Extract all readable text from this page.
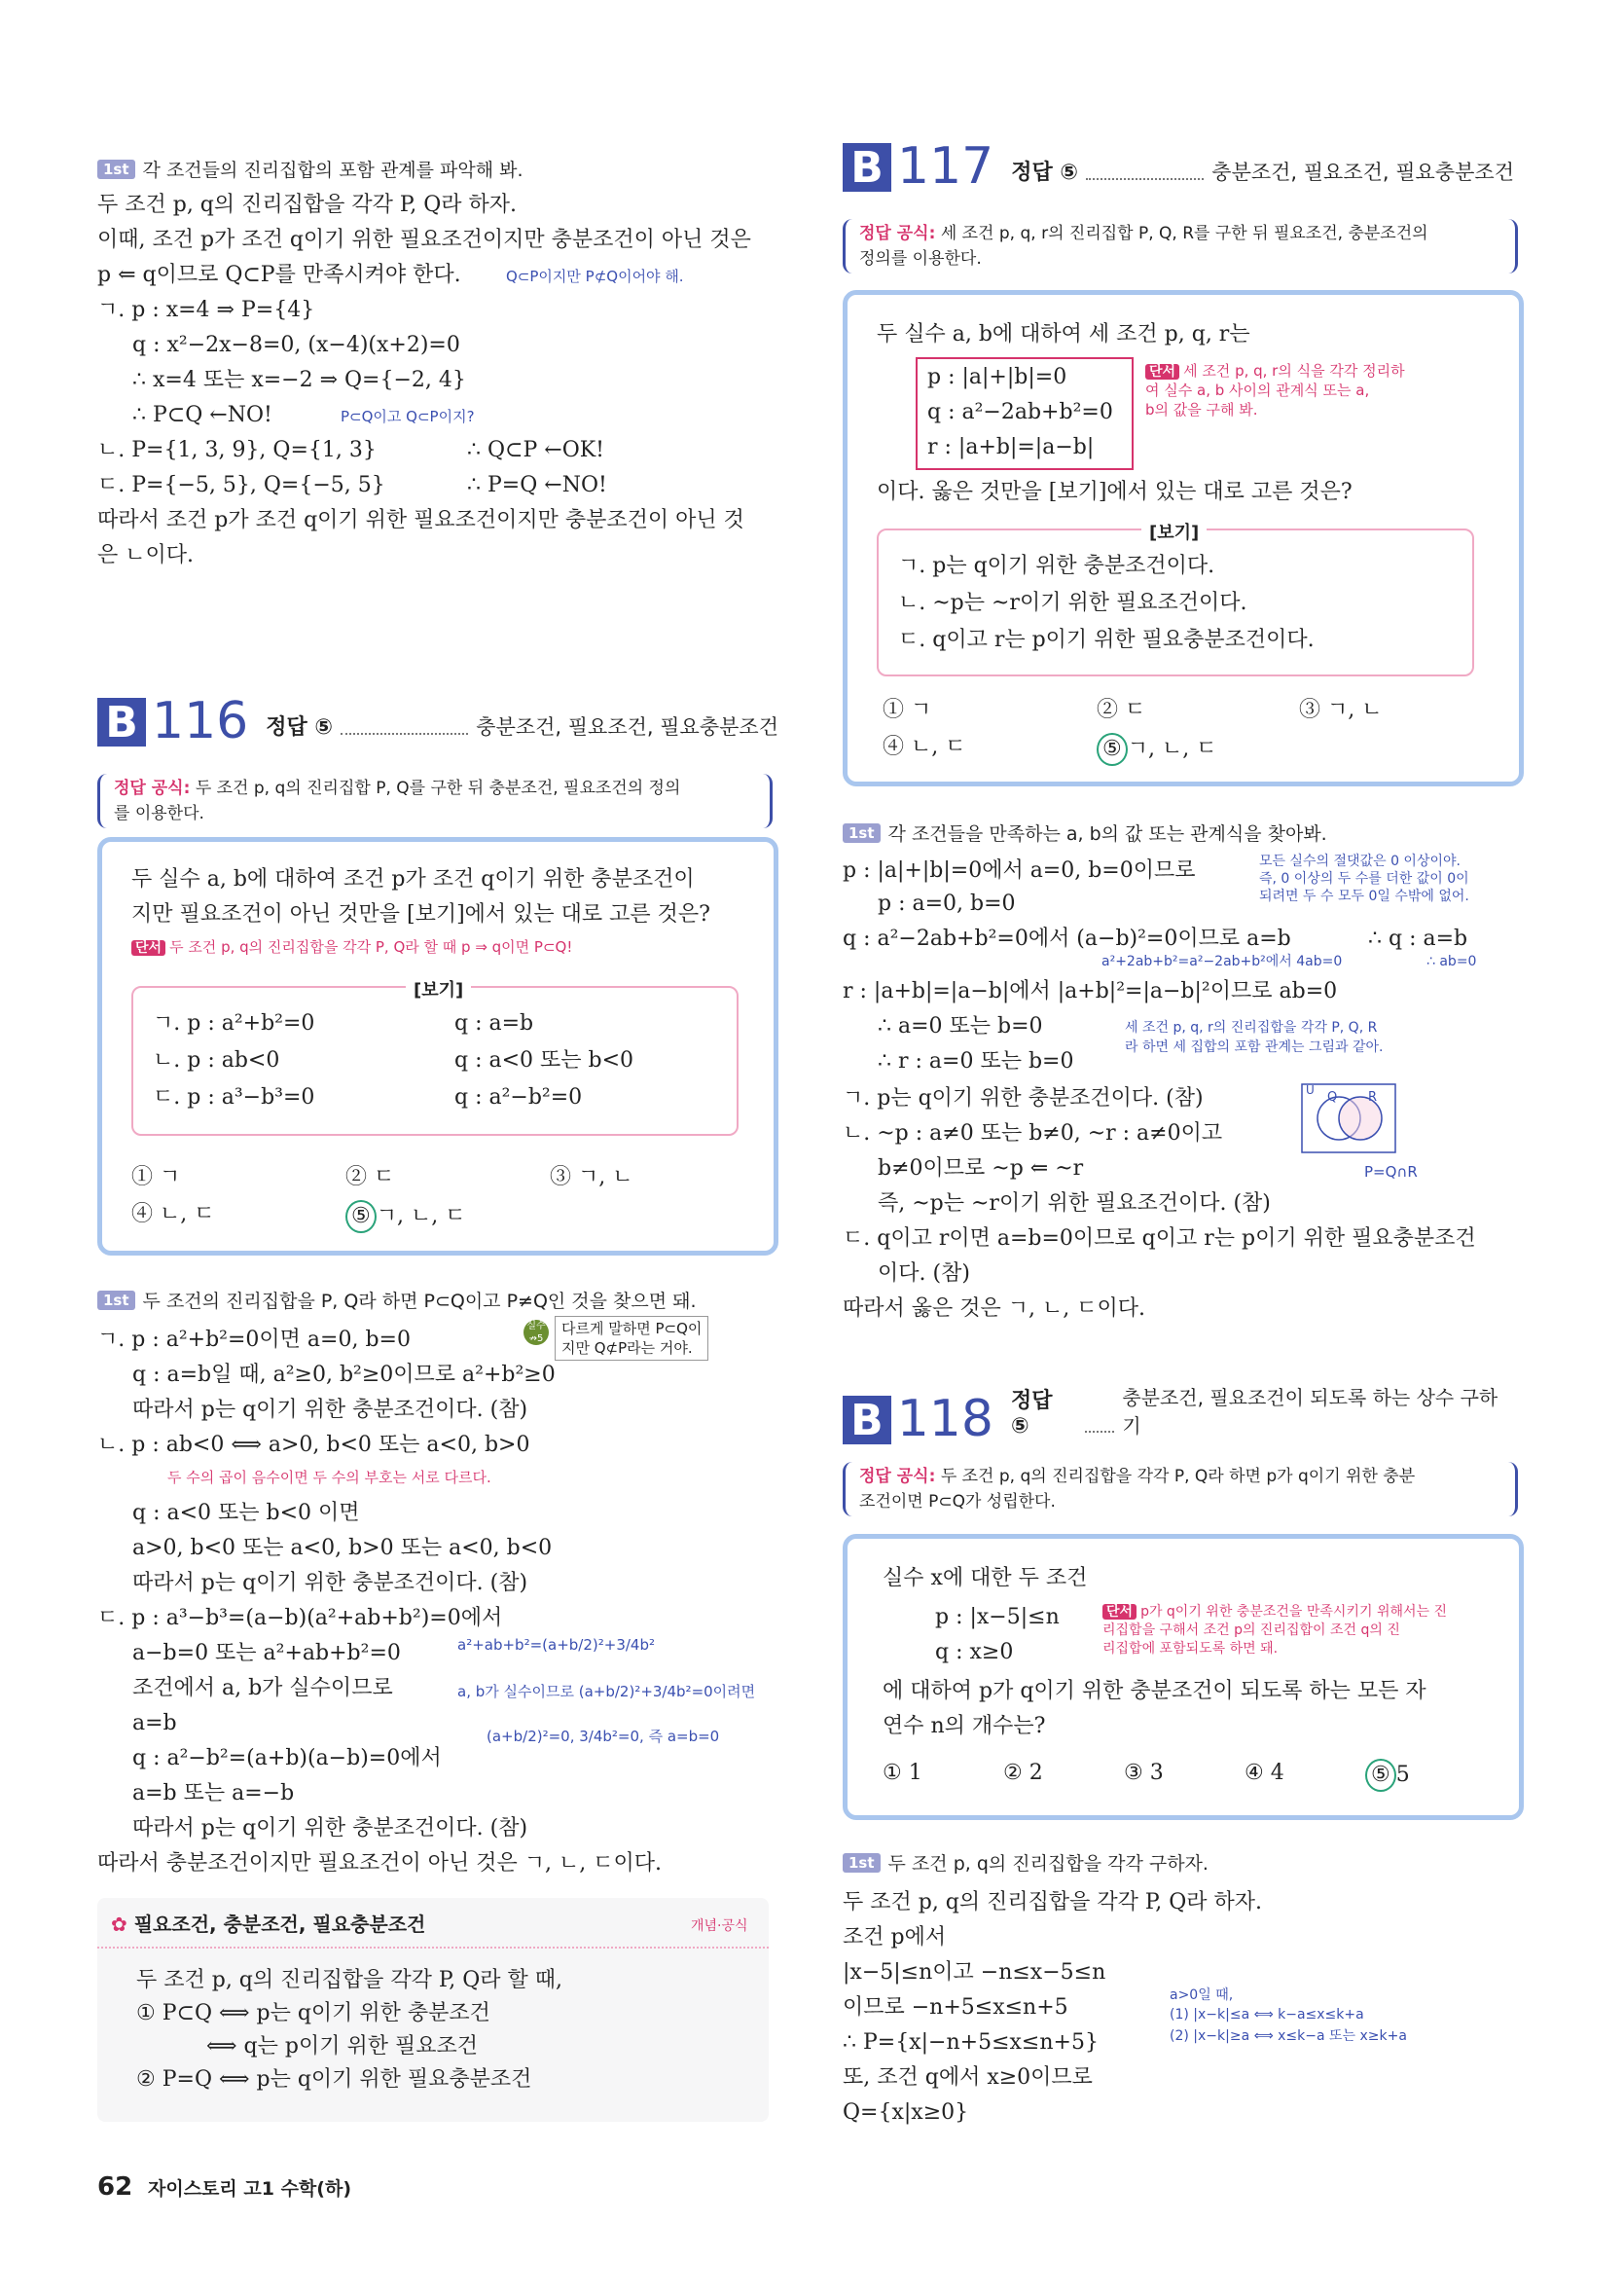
1st 각 조건들의 진리집합의 포함 관계를 파악해 봐.
두 조건 p, q의 진리집합을 각각 P, Q라 하자.
이때, 조건 p가 조건 q이기 위한 필요조건이지만 충분조건이 아닌 것은
p ⇐ q이므로 Q⊂P를 만족시켜야 한다.	Q⊂P이지만 P⊄Q이어야 해.
ㄱ. p : x=4 ⇒ P={4}
q : x²−2x−8=0, (x−4)(x+2)=0
∴ x=4 또는 x=−2 ⇒ Q={−2, 4}
∴ P⊂Q ←NO!	P⊂Q이고 Q⊂P이지?
ㄴ. P={1, 3, 9}, Q={1, 3}	∴ Q⊂P ←OK!
ㄷ. P={−5, 5}, Q={−5, 5}	∴ P=Q ←NO!
따라서 조건 p가 조건 q이기 위한 필요조건이지만 충분조건이 아닌 것
은 ㄴ이다.
B 116 정답 ⑤	충분조건, 필요조건, 필요충분조건
정답 공식: 두 조건 p, q의 진리집합 P, Q를 구한 뒤 충분조건, 필요조건의 정의
를 이용한다.
두 실수 a, b에 대하여 조건 p가 조건 q이기 위한 충분조건이
지만 필요조건이 아닌 것만을 [보기]에서 있는 대로 고른 것은?
단서 두 조건 p, q의 진리집합을 각각 P, Q라 할 때 p ⇒ q이면 P⊂Q!
[보기]
ㄱ. p : a²+b²=0	q : a=b
ㄴ. p : ab<0	q : a<0 또는 b<0
ㄷ. p : a³−b³=0	q : a²−b²=0
① ㄱ	② ㄷ	③ ㄱ, ㄴ
④ ㄴ, ㄷ	⑤ ㄱ, ㄴ, ㄷ
1st 두 조건의 진리집합을 P, Q라 하면 P⊂Q이고 P≠Q인 것을 찾으면 돼.
ㄱ. p : a²+b²=0이면 a=0, b=0
q : a=b일 때, a²≥0, b²≥0이므로 a²+b²≥0
실수 ↛5
다르게 말하면 P⊂Q이
지만 Q⊄P라는 거야.
따라서 p는 q이기 위한 충분조건이다. (참)
ㄴ. p : ab<0 ⟺ a>0, b<0 또는 a<0, b>0
두 수의 곱이 음수이면 두 수의 부호는 서로 다르다.
q : a<0 또는 b<0 이면
a>0, b<0 또는 a<0, b>0 또는 a<0, b<0
따라서 p는 q이기 위한 충분조건이다. (참)
ㄷ. p : a³−b³=(a−b)(a²+ab+b²)=0에서
a−b=0 또는 a²+ab+b²=0	a²+ab+b²=(a+b/2)²+3/4b²
조건에서 a, b가 실수이므로	a, b가 실수이므로 (a+b/2)²+3/4b²=0이려면
a=b
(a+b/2)²=0, 3/4b²=0, 즉 a=b=0
q : a²−b²=(a+b)(a−b)=0에서
a=b 또는 a=−b
따라서 p는 q이기 위한 충분조건이다. (참)
따라서 충분조건이지만 필요조건이 아닌 것은 ㄱ, ㄴ, ㄷ이다.
✿ 필요조건, 충분조건, 필요충분조건	개념·공식
두 조건 p, q의 진리집합을 각각 P, Q라 할 때,
① P⊂Q ⟺ p는 q이기 위한 충분조건
⟺ q는 p이기 위한 필요조건
② P=Q ⟺ p는 q이기 위한 필요충분조건
62 자이스토리 고1 수학(하)
B 117 정답 ⑤	충분조건, 필요조건, 필요충분조건
정답 공식: 세 조건 p, q, r의 진리집합 P, Q, R를 구한 뒤 필요조건, 충분조건의
정의를 이용한다.
두 실수 a, b에 대하여 세 조건 p, q, r는
p : |a|+|b|=0
q : a²−2ab+b²=0
r : |a+b|=|a−b|
단서 세 조건 p, q, r의 식을 각각 정리하
여 실수 a, b 사이의 관계식 또는 a,
b의 값을 구해 봐.
이다. 옳은 것만을 [보기]에서 있는 대로 고른 것은?
[보기]
ㄱ. p는 q이기 위한 충분조건이다.
ㄴ. ~p는 ~r이기 위한 필요조건이다.
ㄷ. q이고 r는 p이기 위한 필요충분조건이다.
① ㄱ	② ㄷ	③ ㄱ, ㄴ
④ ㄴ, ㄷ	⑤ ㄱ, ㄴ, ㄷ
1st 각 조건들을 만족하는 a, b의 값 또는 관계식을 찾아봐.
p : |a|+|b|=0에서 a=0, b=0이므로	모든 실수의 절댓값은 0 이상이야.
즉, 0 이상의 두 수를 더한 값이 0이
되려면 두 수 모두 0일 수밖에 없어.
p : a=0, b=0
q : a²−2ab+b²=0에서 (a−b)²=0이므로 a=b	∴ q : a=b
a²+2ab+b²=a²−2ab+b²에서 4ab=0	∴ ab=0
r : |a+b|=|a−b|에서 |a+b|²=|a−b|²이므로 ab=0
∴ a=0 또는 b=0	세 조건 p, q, r의 진리집합을 각각 P, Q, R
라 하면 세 집합의 포함 관계는 그림과 같아.
∴ r : a=0 또는 b=0
ㄱ. p는 q이기 위한 충분조건이다. (참)	U Q R
P=Q∩R
ㄴ. ~p : a≠0 또는 b≠0, ~r : a≠0이고
b≠0이므로 ~p ⇐ ~r
즉, ~p는 ~r이기 위한 필요조건이다. (참)
ㄷ. q이고 r이면 a=b=0이므로 q이고 r는 p이기 위한 필요충분조건
이다. (참)
따라서 옳은 것은 ㄱ, ㄴ, ㄷ이다.
B 118 정답 ⑤
충분조건, 필요조건이 되도록 하는 상수 구하기
정답 공식: 두 조건 p, q의 진리집합을 각각 P, Q라 하면 p가 q이기 위한 충분
조건이면 P⊂Q가 성립한다.
실수 x에 대한 두 조건
p : |x−5|≤n
q : x≥0
단서 p가 q이기 위한 충분조건을 만족시키기 위해서는 진
리집합을 구해서 조건 p의 진리집합이 조건 q의 진
리집합에 포함되도록 하면 돼.
에 대하여 p가 q이기 위한 충분조건이 되도록 하는 모든 자
연수 n의 개수는?
① 1	② 2	③ 3	④ 4	⑤ 5
1st 두 조건 p, q의 진리집합을 각각 구하자.
두 조건 p, q의 진리집합을 각각 P, Q라 하자.
조건 p에서
|x−5|≤n이고 −n≤x−5≤n
이므로 −n+5≤x≤n+5	a>0일 때,
(1) |x−k|≤a ⟺ k−a≤x≤k+a
∴ P={x|−n+5≤x≤n+5}	(2) |x−k|≥a ⟺ x≤k−a 또는 x≥k+a
또, 조건 q에서 x≥0이므로
Q={x|x≥0}
